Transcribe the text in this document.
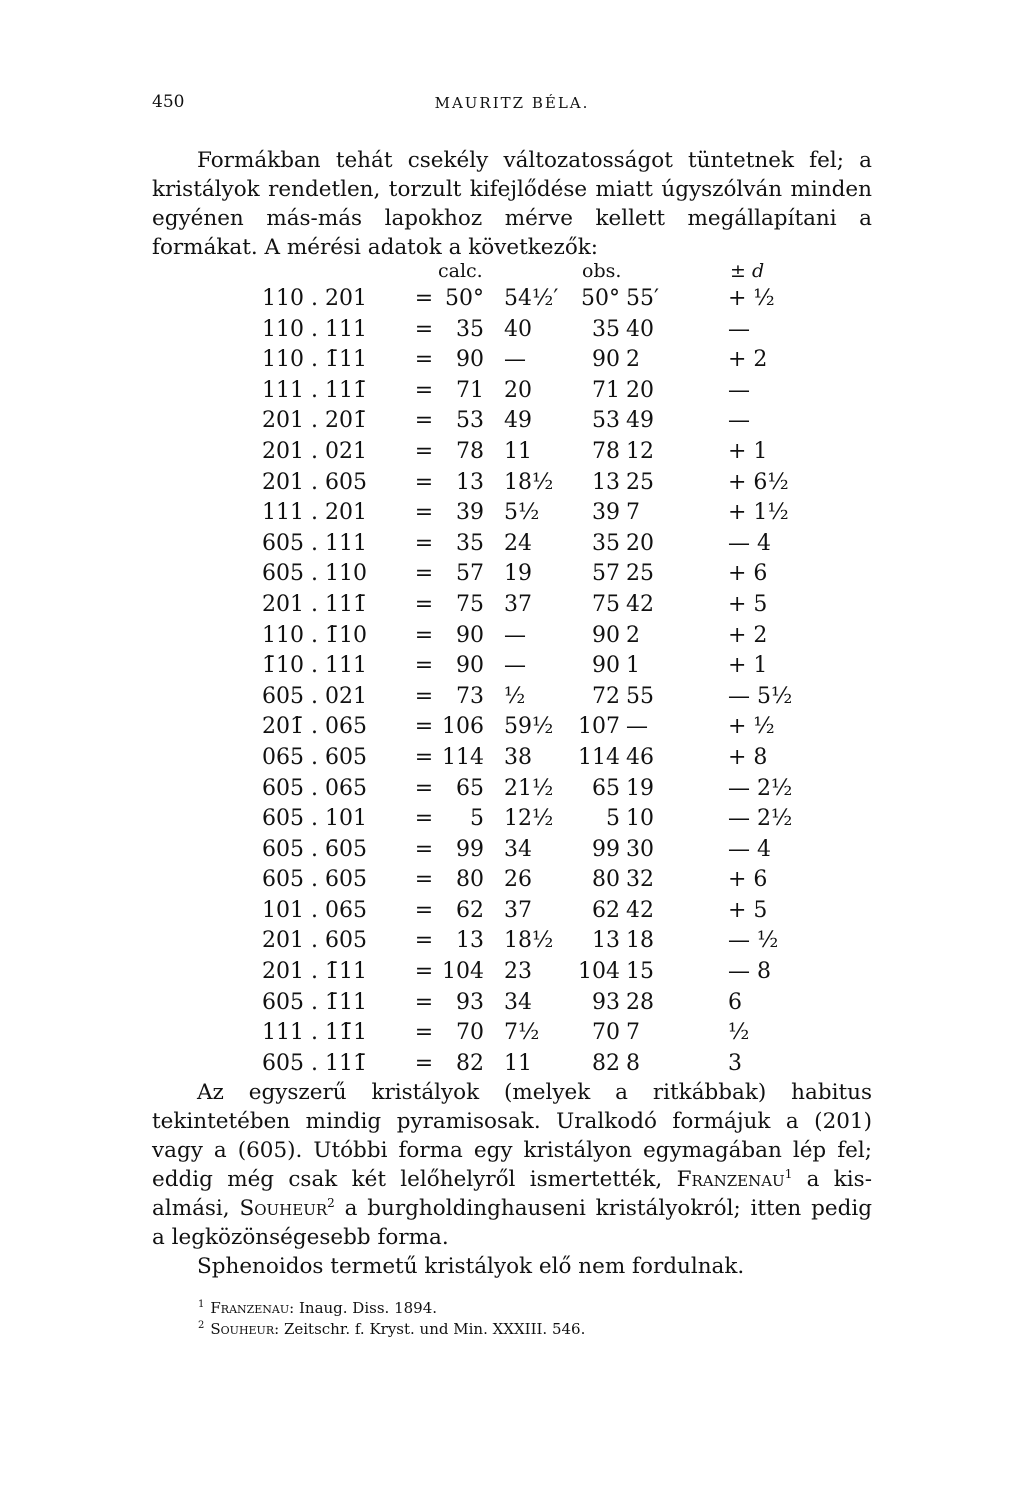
450	MAURITZ BÉLA.

Formákban tehát csekély változatosságot tüntetnek fel; a kristályok rendetlen, torzult kifejlődése miatt úgyszólván minden egyénen más-más lapokhoz mérve kellett megállapítani a formákat. A mérési adatok a következők:

calc.	obs.	± d
110 . 201	= 50° 54½′	50° 55′	+ ½
110 . 111	=	35 40	35 40	—
110 . 1̄11	=	90 —	90 2	+ 2
111 . 111̄	=	71 20	71 20	—
201 . 201̄	=	53 49	53 49	—
201 . 021	=	78 11	78 12	+ 1
201 . 605	=	13 18½	13 25	+ 6½
111 . 201	=	39 5½	39 7	+ 1½
605 . 111	=	35 24	35 20	— 4
605 . 110	=	57 19	57 25	+ 6
201 . 111̄	=	75 37	75 42	+ 5
110 . 1̄10	=	90 —	90 2	+ 2
1̄10 . 111	=	90 —	90 1	+ 1
605 . 021	=	73 ½	72 55	— 5½
201̄ . 065	= 106 59½	107 —	+ ½
065 . 605	= 114 38	114 46	+ 8
605 . 065	=	65 21½	65 19	— 2½
605 . 101	=	5 12½	5 10	— 2½
605 . 6̄05	=	99 34	99 30	— 4
605 . 605̄	=	80 26	80 32	+ 6
101 . 065	=	62 37	62 42	+ 5
201 . 605	=	13 18½	13 18	— ½
201 . 1̄11	= 104 23	104 15	— 8
605 . 1̄11	=	93 34	93 28	6
111 . 11̄1	=	70 7½	70 7	½
605 . 111̄	=	82 11	82 8	3

Az egyszerű kristályok (melyek a ritkábbak) habitus tekintetében mindig pyramisosak. Uralkodó formájuk a (201) vagy a (605). Utóbbi forma egy kristályon egymagában lép fel; eddig még csak két lelőhelyről ismertették, Franzenau$^1$ a kis-almási, Souheur$^2$ a burgholdinghauseni kristályokról; itten pedig a legközönségesebb forma.

Sphenoidos termetű kristályok elő nem fordulnak.

$^1$ Franzenau: Inaug. Diss. 1894.
$^2$ Souheur: Zeitschr. f. Kryst. und Min. XXXIII. 546.
